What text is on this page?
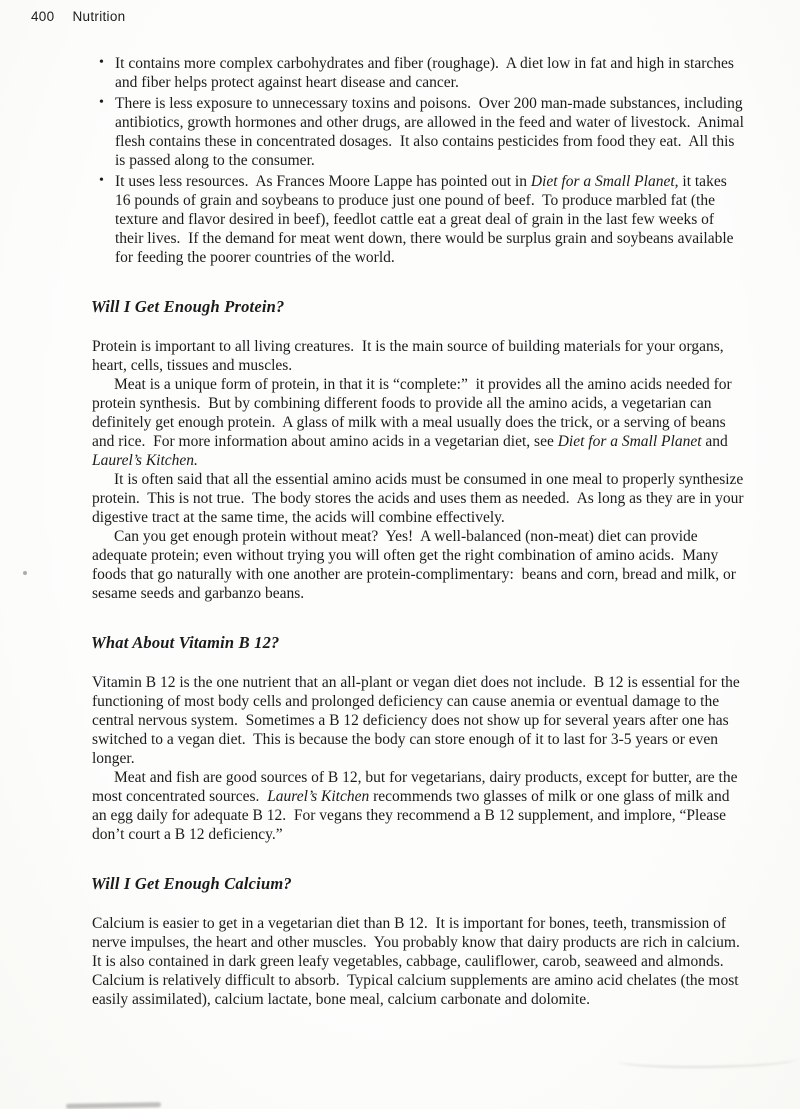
400 Nutrition
• It contains more complex carbohydrates and fiber (roughage).  A diet low in fat and high in starches and fiber helps protect against heart disease and cancer.
• There is less exposure to unnecessary toxins and poisons.  Over 200 man-made substances, including antibiotics, growth hormones and other drugs, are allowed in the feed and water of livestock.  Animal flesh contains these in concentrated dosages.  It also contains pesticides from food they eat.  All this is passed along to the consumer.
• It uses less resources.  As Frances Moore Lappe has pointed out in Diet for a Small Planet, it takes 16 pounds of grain and soybeans to produce just one pound of beef.  To produce marbled fat (the texture and flavor desired in beef), feedlot cattle eat a great deal of grain in the last few weeks of their lives.  If the demand for meat went down, there would be surplus grain and soybeans available for feeding the poorer countries of the world.
Will I Get Enough Protein?

Protein is important to all living creatures.  It is the main source of building materials for your organs, heart, cells, tissues and muscles.

Meat is a unique form of protein, in that it is “complete:”  it provides all the amino acids needed for protein synthesis.  But by combining different foods to provide all the amino acids, a vegetarian can definitely get enough protein.  A glass of milk with a meal usually does the trick, or a serving of beans and rice.  For more information about amino acids in a vegetarian diet, see Diet for a Small Planet and Laurel’s Kitchen.

It is often said that all the essential amino acids must be consumed in one meal to properly synthesize protein.  This is not true.  The body stores the acids and uses them as needed.  As long as they are in your digestive tract at the same time, the acids will combine effectively.

Can you get enough protein without meat?  Yes!  A well-balanced (non-meat) diet can provide adequate protein; even without trying you will often get the right combination of amino acids.  Many foods that go naturally with one another are protein-complimentary:  beans and corn, bread and milk, or sesame seeds and garbanzo beans.

What About Vitamin B 12?

Vitamin B 12 is the one nutrient that an all-plant or vegan diet does not include.  B 12 is essential for the functioning of most body cells and prolonged deficiency can cause anemia or eventual damage to the central nervous system.  Sometimes a B 12 deficiency does not show up for several years after one has switched to a vegan diet.  This is because the body can store enough of it to last for 3-5 years or even longer.

Meat and fish are good sources of B 12, but for vegetarians, dairy products, except for butter, are the most concentrated sources.  Laurel’s Kitchen recommends two glasses of milk or one glass of milk and an egg daily for adequate B 12.  For vegans they recommend a B 12 supplement, and implore, “Please don’t court a B 12 deficiency.”

Will I Get Enough Calcium?

Calcium is easier to get in a vegetarian diet than B 12.  It is important for bones, teeth, transmission of nerve impulses, the heart and other muscles.  You probably know that dairy products are rich in calcium.  It is also contained in dark green leafy vegetables, cabbage, cauliflower, carob, seaweed and almonds.  Calcium is relatively difficult to absorb.  Typical calcium supplements are amino acid chelates (the most easily assimilated), calcium lactate, bone meal, calcium carbonate and dolomite.
